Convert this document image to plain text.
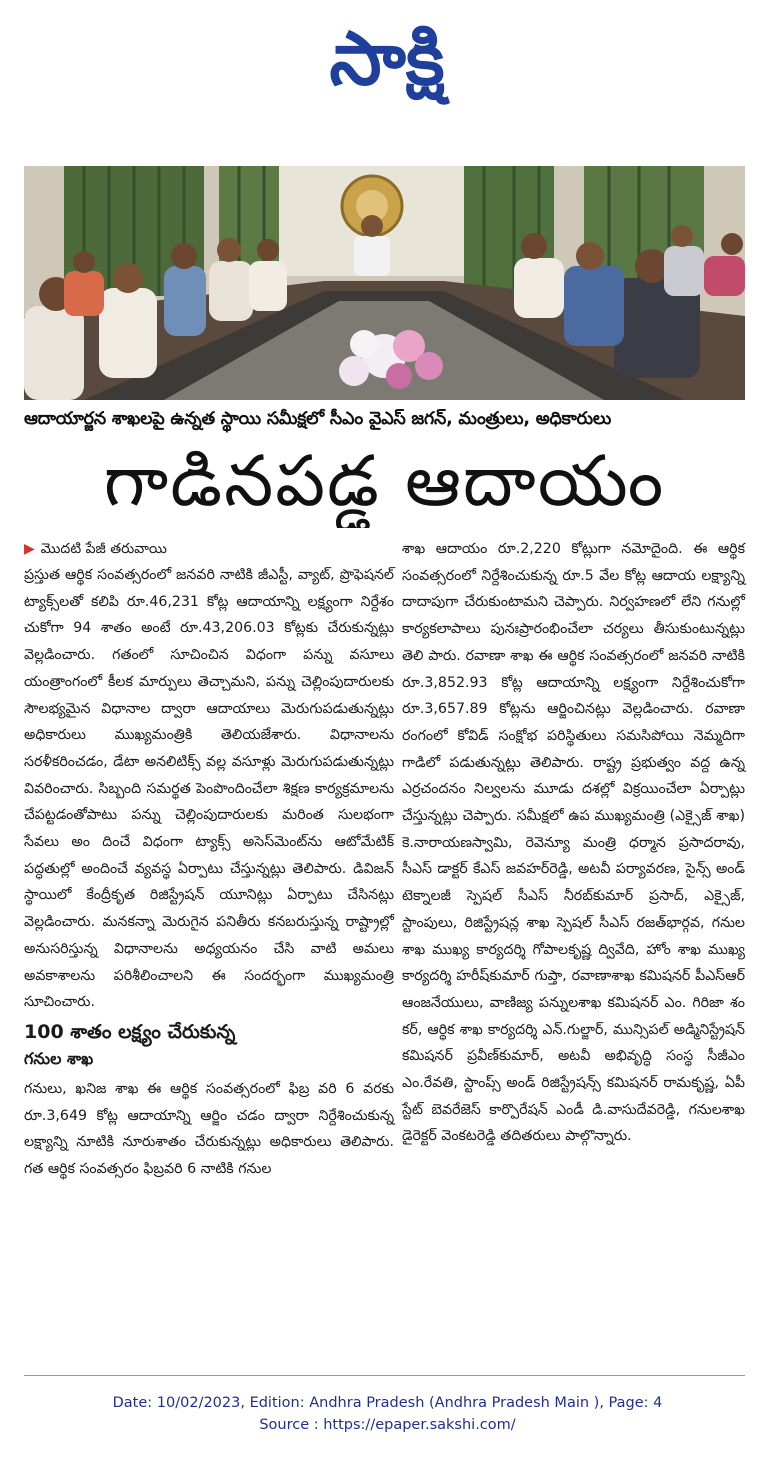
సాక్షి
ఆదాయార్జన శాఖలపై ఉన్నత స్థాయి సమీక్షలో సీఎం వైఎస్ జగన్, మంత్రులు, అధికారులు
గాడినపడ్డ ఆదాయం
▶ మొదటి పేజీ తరువాయి

ప్రస్తుత ఆర్థిక సంవత్సరంలో జనవరి నాటికి జీఎస్టీ, వ్యాట్, ప్రొఫెషనల్ ట్యాక్స్‌లతో కలిపి రూ.46,231 కోట్ల ఆదాయాన్ని లక్ష్యంగా నిర్దేశం చుకోగా 94 శాతం అంటే రూ.43,206.03 కోట్లకు చేరుకున్నట్లు వెల్లడించారు. గతంలో సూచించిన విధంగా పన్ను వసూలు యంత్రాంగంలో కీలక మార్పులు తెచ్చామని, పన్ను చెల్లింపుదారులకు సౌలభ్యమైన విధానాల ద్వారా ఆదాయాలు మెరుగుపడుతున్నట్లు అధికారులు ముఖ్యమంత్రికి తెలియజేశారు. విధానాలను సరళీకరించడం, డేటా అనలిటిక్స్ వల్ల వసూళ్లు మెరుగుపడుతున్నట్లు వివరించారు. సిబ్బంది సమర్థత పెంపొందించేలా శిక్షణ కార్యక్రమాలను చేపట్టడంతోపాటు పన్ను చెల్లింపుదారులకు మరింత సులభంగా సేవలు అం దించే విధంగా ట్యాక్స్ అసెస్‌మెంట్‌ను ఆటోమేటిక్ పద్ధతుల్లో అందించే వ్యవస్థ ఏర్పాటు చేస్తున్నట్లు తెలిపారు. డివిజన్ స్థాయిలో కేంద్రీకృత రిజిస్ట్రేషన్ యూనిట్లు ఏర్పాటు చేసినట్లు వెల్లడించారు. మనకన్నా మెరుగైన పనితీరు కనబరుస్తున్న రాష్ట్రాల్లో అనుసరిస్తున్న విధానాలను అధ్యయనం చేసి వాటి అమలు అవకాశాలను పరిశీలించాలని ఈ సందర్భంగా ముఖ్యమంత్రి సూచించారు.

100 శాతం లక్ష్యం చేరుకున్న
గనుల శాఖ

గనులు, ఖనిజ శాఖ ఈ ఆర్థిక సంవత్సరంలో ఫిబ్ర వరి 6 వరకు రూ.3,649 కోట్ల ఆదాయాన్ని ఆర్జిం చడం ద్వారా నిర్దేశించుకున్న లక్ష్యాన్ని నూటికి నూరుశాతం చేరుకున్నట్లు అధికారులు తెలిపారు. గత ఆర్థిక సంవత్సరం ఫిబ్రవరి 6 నాటికి గనుల

శాఖ ఆదాయం రూ.2,220 కోట్లుగా నమోదైంది. ఈ ఆర్థిక సంవత్సరంలో నిర్దేశించుకున్న రూ.5 వేల కోట్ల ఆదాయ లక్ష్యాన్ని దాదాపుగా చేరుకుంటామని చెప్పారు. నిర్వహణలో లేని గనుల్లో కార్యకలాపాలు పునఃప్రారంభించేలా చర్యలు తీసుకుంటున్నట్లు తెలి పారు. రవాణా శాఖ ఈ ఆర్థిక సంవత్సరంలో జనవరి నాటికి రూ.3,852.93 కోట్ల ఆదాయాన్ని లక్ష్యంగా నిర్దేశించుకోగా రూ.3,657.89 కోట్లను ఆర్జించినట్లు వెల్లడించారు. రవాణా రంగంలో కోవిడ్ సంక్షోభ పరిస్థితులు సమసిపోయి నెమ్మదిగా గాడిలో పడుతున్నట్లు తెలిపారు. రాష్ట్ర ప్రభుత్వం వద్ద ఉన్న ఎర్రచందనం నిల్వలను మూడు దశల్లో విక్రయించేలా ఏర్పాట్లు చేస్తున్నట్లు చెప్పారు. సమీక్షలో ఉప ముఖ్యమంత్రి (ఎక్సైజ్ శాఖ) కె.నారాయణస్వామి, రెవెన్యూ మంత్రి ధర్మాన ప్రసాదరావు, సీఎస్ డాక్టర్ కేఎస్ జవహర్‌రెడ్డి, అటవీ పర్యావరణ, సైన్స్ అండ్ టెక్నాలజీ స్పెషల్ సీఎస్ నీరబ్‌కుమార్ ప్రసాద్, ఎక్సైజ్, స్టాంపులు, రిజిస్ట్రేషన్ల శాఖ స్పెషల్ సీఎస్ రజత్‌భార్గవ, గనుల శాఖ ముఖ్య కార్యదర్శి గోపాలకృష్ణ ద్వివేది, హోం శాఖ ముఖ్య కార్యదర్శి హరీష్‌కుమార్ గుప్తా, రవాణాశాఖ కమిషనర్ పీఎస్ఆర్ ఆంజనేయులు, వాణిజ్య పన్నులశాఖ కమిషనర్ ఎం. గిరిజా శం కర్, ఆర్థిక శాఖ కార్యదర్శి ఎన్.గుల్జార్, మున్సిపల్ అడ్మినిస్ట్రేషన్ కమిషనర్ ప్రవీణ్‌కుమార్, అటవీ అభివృద్ధి సంస్థ సీజీఎం ఎం.రేవతి, స్టాంప్స్ అండ్ రిజిస్ట్రేషన్స్ కమిషనర్ రామకృష్ణ, ఏపీ స్టేట్ బెవరేజెస్ కార్పొరేషన్ ఎండీ డి.వాసుదేవరెడ్డి, గనులశాఖ డైరెక్టర్ వెంకటరెడ్డి తదితరులు పాల్గొన్నారు.

Date: 10/02/2023, Edition: Andhra Pradesh (Andhra Pradesh Main ), Page: 4
Source : https://epaper.sakshi.com/
